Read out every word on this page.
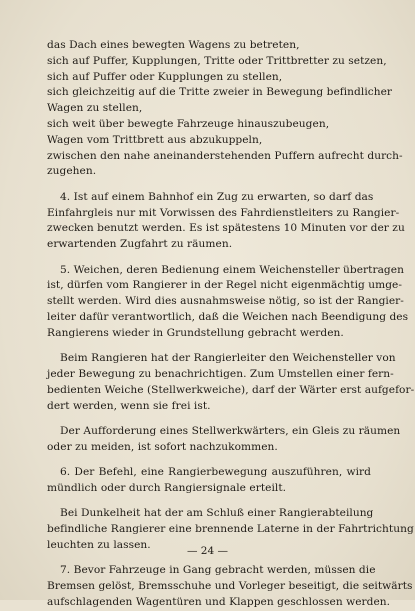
das Dach eines bewegten Wagens zu betreten,
sich auf Puffer, Kupplungen, Tritte oder Trittbretter zu setzen,
sich auf Puffer oder Kupplungen zu stellen,
sich gleichzeitig auf die Tritte zweier in Bewegung befindlicher
Wagen zu stellen,
sich weit über bewegte Fahrzeuge hinauszubeugen,
Wagen vom Trittbrett aus abzukuppeln,
zwischen den nahe aneinanderstehenden Puffern aufrecht durch-
zugehen.
4. Ist auf einem Bahnhof ein Zug zu erwarten, so darf das
Einfahrgleis nur mit Vorwissen des Fahrdienstleiters zu Rangier-
zwecken benutzt werden. Es ist spätestens 10 Minuten vor der zu
erwartenden Zugfahrt zu räumen.
5. Weichen, deren Bedienung einem Weichensteller übertragen
ist, dürfen vom Rangierer in der Regel nicht eigenmächtig umge-
stellt werden. Wird dies ausnahmsweise nötig, so ist der Rangier-
leiter dafür verantwortlich, daß die Weichen nach Beendigung des
Rangierens wieder in Grundstellung gebracht werden.
Beim Rangieren hat der Rangierleiter den Weichensteller von
jeder Bewegung zu benachrichtigen. Zum Umstellen einer fern-
bedienten Weiche (Stellwerkweiche), darf der Wärter erst aufgefor-
dert werden, wenn sie frei ist.
Der Aufforderung eines Stellwerkwärters, ein Gleis zu räumen
oder zu meiden, ist sofort nachzukommen.
6. Der Befehl, eine Rangierbewegung auszuführen, wird
mündlich oder durch Rangiersignale erteilt.
Bei Dunkelheit hat der am Schluß einer Rangierabteilung
befindliche Rangierer eine brennende Laterne in der Fahrtrichtung
leuchten zu lassen.
7. Bevor Fahrzeuge in Gang gebracht werden, müssen die
Bremsen gelöst, Bremsschuhe und Vorleger beseitigt, die seitwärts
aufschlagenden Wagentüren und Klappen geschlossen werden.
— 24 —
